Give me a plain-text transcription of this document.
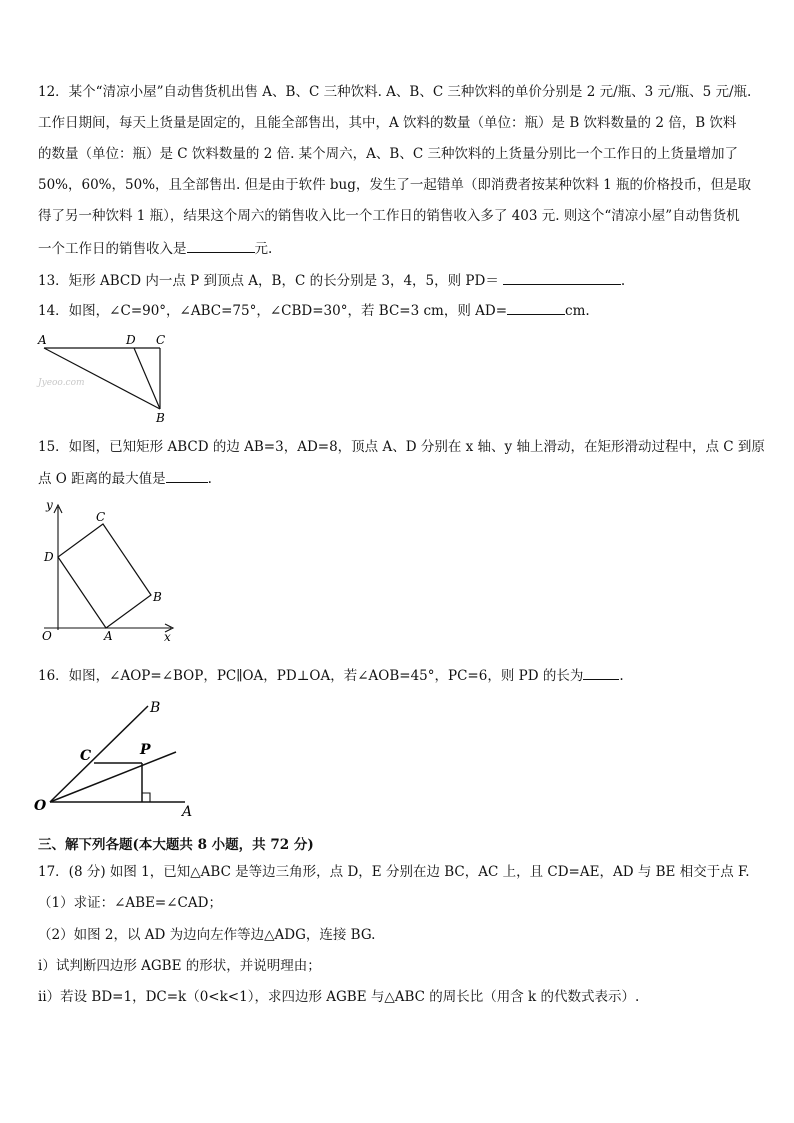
12．某个“清凉小屋”自动售货机出售 A、B、C 三种饮料. A、B、C 三种饮料的单价分别是 2 元/瓶、3 元/瓶、5 元/瓶.
工作日期间，每天上货量是固定的，且能全部售出，其中，A 饮料的数量（单位：瓶）是 B 饮料数量的 2 倍，B 饮料
的数量（单位：瓶）是 C 饮料数量的 2 倍. 某个周六，A、B、C 三种饮料的上货量分别比一个工作日的上货量增加了
50%，60%，50%，且全部售出. 但是由于软件 bug，发生了一起错单（即消费者按某种饮料 1 瓶的价格投币，但是取
得了另一种饮料 1 瓶），结果这个周六的销售收入比一个工作日的销售收入多了 403 元. 则这个“清凉小屋”自动售货机
一个工作日的销售收入是	元.
13．矩形 ABCD 内一点 P 到顶点 A，B，C 的长分别是 3，4，5，则 PD＝	.
14．如图，∠C=90°，∠ABC=75°，∠CBD=30°，若 BC=3 cm，则 AD=	cm.
A	D C
B
Jyeoo.com
15．如图，已知矩形 ABCD 的边 AB=3，AD=8，顶点 A、D 分别在 x 轴、y 轴上滑动，在矩形滑动过程中，点 C 到原
点 O 距离的最大值是	.
y
x
O	A
B
C
D
16．如图，∠AOP=∠BOP，PC∥OA，PD⊥OA，若∠AOB=45°，PC=6，则 PD 的长为	.
O	A
B
C	P
三、解下列各题(本大题共 8 小题，共 72 分)
17．(8 分) 如图 1，已知△ABC 是等边三角形，点 D，E 分别在边 BC，AC 上，且 CD=AE，AD 与 BE 相交于点 F.
（1）求证：∠ABE=∠CAD；
（2）如图 2，以 AD 为边向左作等边△ADG，连接 BG.
ⅰ）试判断四边形 AGBE 的形状，并说明理由；
ⅱ）若设 BD=1，DC=k（0<k<1），求四边形 AGBE 与△ABC 的周长比（用含 k 的代数式表示）.
